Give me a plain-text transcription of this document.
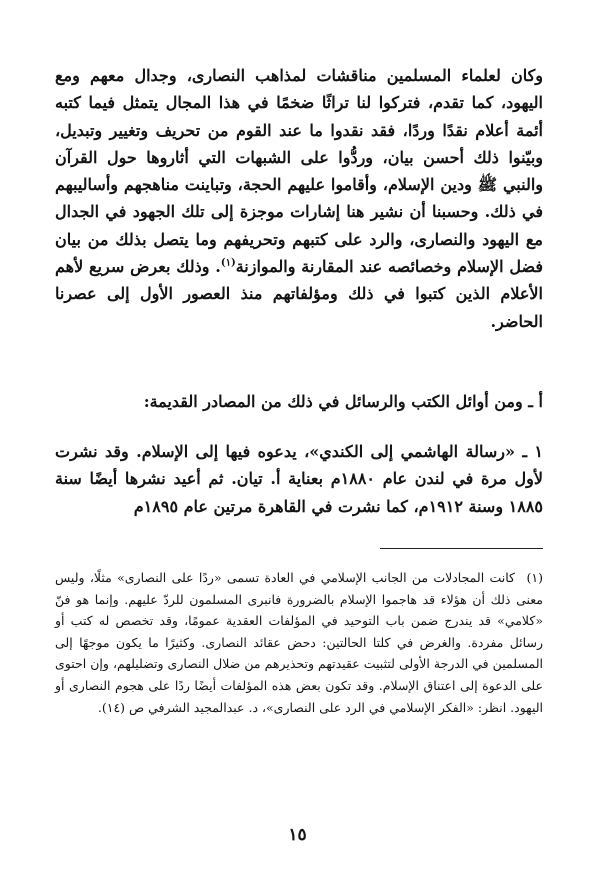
وكان لعلماء المسلمين مناقشات لمذاهب النصارى، وجدال معهم ومع اليهود، كما تقدم، فتركوا لنا تراثًا ضخمًا في هذا المجال يتمثل فيما كتبه أئمة أعلام نقدًا وردًا، فقد نقدوا ما عند القوم من تحريف وتغيير وتبديل، وبيّنوا ذلك أحسن بيان، وردُّوا على الشبهات التي أثاروها حول القرآن والنبي ﷺ ودين الإسلام، وأقاموا عليهم الحجة، وتباينت مناهجهم وأساليبهم في ذلك. وحسبنا أن نشير هنا إشارات موجزة إلى تلك الجهود في الجدال مع اليهود والنصارى، والرد على كتبهم وتحريفهم وما يتصل بذلك من بيان فضل الإسلام وخصائصه عند المقارنة والموازنة$^{(١)}$. وذلك بعرض سريع لأهم الأعلام الذين كتبوا في ذلك ومؤلفاتهم منذ العصور الأول إلى عصرنا الحاضر.

أ ـ ومن أوائل الكتب والرسائل في ذلك من المصادر القديمة:

١ ـ «رسالة الهاشمي إلى الكندي»، يدعوه فيها إلى الإسلام. وقد نشرت لأول مرة في لندن عام ١٨٨٠م بعناية أ. تيان. ثم أعيد نشرها أيضًا سنة ١٨٨٥ وسنة ١٩١٢م، كما نشرت في القاهرة مرتين عام ١٨٩٥م

(١)كانت المجادلات من الجانب الإسلامي في العادة تسمى «ردًا على النصارى» مثلًا، وليس معنى ذلك أن هؤلاء قد هاجموا الإسلام بالضرورة فانبرى المسلمون للردّ عليهم. وإنما هو فنّ «كلامي» قد يندرج ضمن باب التوحيد في المؤلفات العقدية عمومًا، وقد تخصص له كتب أو رسائل مفردة. والغرض في كلتا الحالتين: دحض عقائد النصارى. وكثيرًا ما يكون موجهًا إلى المسلمين في الدرجة الأولى لتثبيت عقيدتهم وتحذيرهم من ضلال النصارى وتضليلهم، وإن احتوى على الدعوة إلى اعتناق الإسلام. وقد تكون بعض هذه المؤلفات أيضًا ردًا على هجوم النصارى أو اليهود. انظر: «الفكر الإسلامي في الرد على النصارى»، د. عبدالمجيد الشرفي ص (١٤).

١٥
